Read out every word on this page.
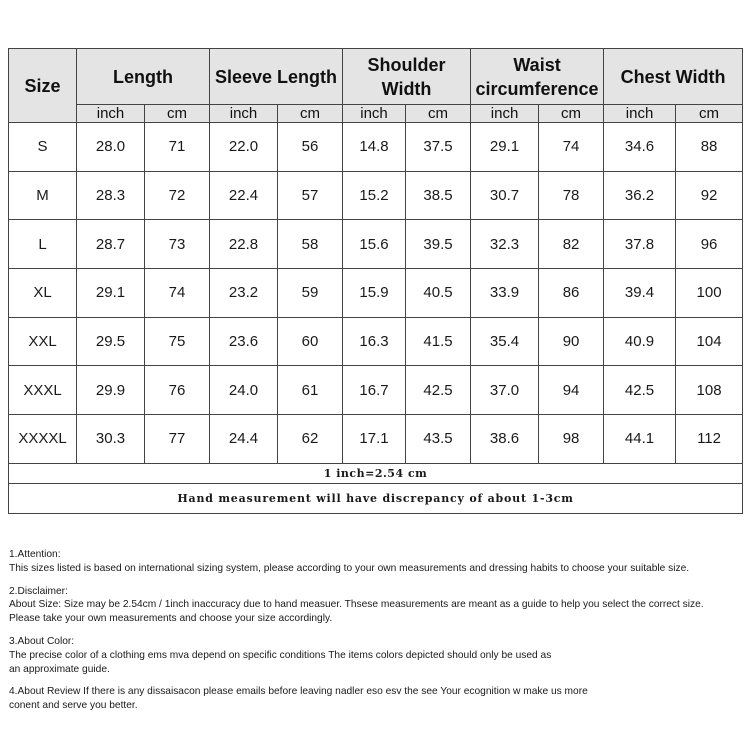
Size	Length		Sleeve Length		Shoulder Width		Waist circumference		Chest Width	
	inch	cm	inch	cm	inch	cm	inch	cm	inch	cm
S	28.0	71	22.0	56	14.8	37.5	29.1	74	34.6	88
M	28.3	72	22.4	57	15.2	38.5	30.7	78	36.2	92
L	28.7	73	22.8	58	15.6	39.5	32.3	82	37.8	96
XL	29.1	74	23.2	59	15.9	40.5	33.9	86	39.4	100
XXL	29.5	75	23.6	60	16.3	41.5	35.4	90	40.9	104
XXXL	29.9	76	24.0	61	16.7	42.5	37.0	94	42.5	108
XXXXL	30.3	77	24.4	62	17.1	43.5	38.6	98	44.1	112
1 inch=2.54 cm										
Hand measurement will have discrepancy of about 1-3cm										
1.Attention:
This sizes listed is based on international sizing system, please according to your own measurements and dressing habits to choose your suitable size.
2.Disclaimer:
About Size: Size may be 2.54cm / 1inch inaccuracy due to hand measuer. Thsese measurements are meant as a guide to help you select the correct size.
Please take your own measurements and choose your size accordingly.
3.About Color:
The precise color of a clothing ems mva depend on specific conditions The items colors depicted should only be used as
an approximate guide.
4.About Review If there is any dissaisacon please emails before leaving nadler eso esv the see Your ecognition w make us more
conent and serve you better.
